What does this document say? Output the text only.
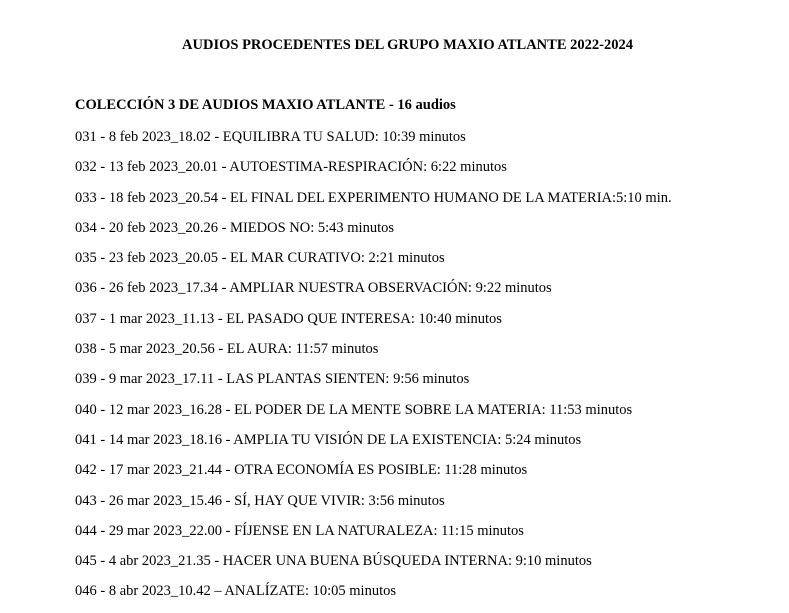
AUDIOS PROCEDENTES DEL GRUPO MAXIO ATLANTE 2022-2024
COLECCIÓN 3 DE AUDIOS MAXIO ATLANTE - 16 audios
031 - 8 feb 2023_18.02 - EQUILIBRA TU SALUD: 10:39 minutos
032 - 13 feb 2023_20.01 - AUTOESTIMA-RESPIRACIÓN: 6:22 minutos
033 - 18 feb 2023_20.54 - EL FINAL DEL EXPERIMENTO HUMANO DE LA MATERIA:5:10 min.
034 - 20 feb 2023_20.26 - MIEDOS NO: 5:43 minutos
035 - 23 feb 2023_20.05 - EL MAR CURATIVO: 2:21 minutos
036 - 26 feb 2023_17.34 - AMPLIAR NUESTRA OBSERVACIÓN: 9:22 minutos
037 - 1 mar 2023_11.13 - EL PASADO QUE INTERESA: 10:40 minutos
038 - 5 mar 2023_20.56 - EL AURA: 11:57 minutos
039 - 9 mar 2023_17.11 - LAS PLANTAS SIENTEN: 9:56 minutos
040 - 12 mar 2023_16.28 - EL PODER DE LA MENTE SOBRE LA MATERIA: 11:53 minutos
041 - 14 mar 2023_18.16 - AMPLIA TU VISIÓN DE LA EXISTENCIA: 5:24 minutos
042 - 17 mar 2023_21.44 - OTRA ECONOMÍA ES POSIBLE: 11:28 minutos
043 - 26 mar 2023_15.46 - SÍ, HAY QUE VIVIR: 3:56 minutos
044 - 29 mar 2023_22.00 - FÍJENSE EN LA NATURALEZA: 11:15 minutos
045 - 4 abr 2023_21.35 - HACER UNA BUENA BÚSQUEDA INTERNA: 9:10 minutos
046 - 8 abr 2023_10.42 – ANALÍZATE: 10:05 minutos
